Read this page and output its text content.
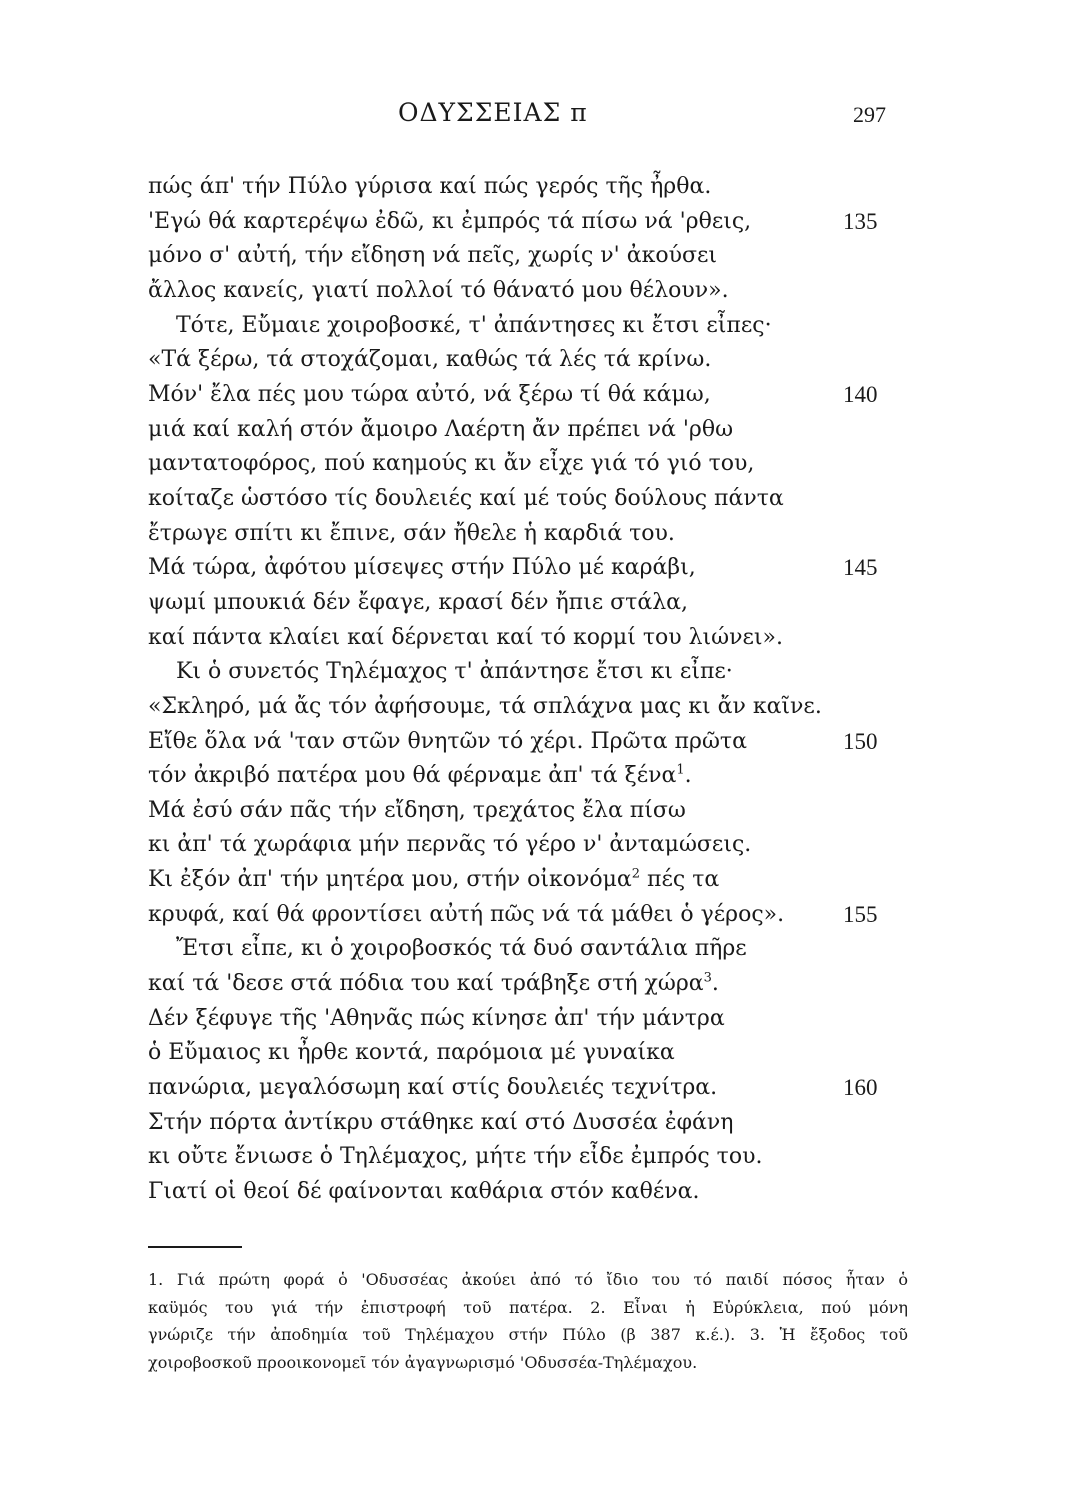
ΟΔΥΣΣΕΙΑΣ π	297
πώς άπ' τήν Πύλο γύρισα καί πώς γερός τῆς ἦρθα.
'Εγώ θά καρτερέψω ἐδῶ, κι ἐμπρός τά πίσω νά 'ρθεις,	135
μόνο σ' αὐτή, τήν εἴδηση νά πεῖς, χωρίς ν' ἀκούσει
ἄλλος κανείς, γιατί πολλοί τό θάνατό μου θέλουν».
Τότε, Εὔμαιε χοιροβοσκέ, τ' ἀπάντησες κι ἔτσι εἶπες·
«Τά ξέρω, τά στοχάζομαι, καθώς τά λές τά κρίνω.
Μόν' ἔλα πές μου τώρα αὐτό, νά ξέρω τί θά κάμω,	140
μιά καί καλή στόν ἄμοιρο Λαέρτη ἄν πρέπει νά 'ρθω
μαντατοφόρος, πού καημούς κι ἄν εἶχε γιά τό γιό του,
κοίταζε ὡστόσο τίς δουλειές καί μέ τούς δούλους πάντα
ἔτρωγε σπίτι κι ἔπινε, σάν ἤθελε ἡ καρδιά του.
Μά τώρα, ἀφότου μίσεψες στήν Πύλο μέ καράβι,	145
ψωμί μπουκιά δέν ἔφαγε, κρασί δέν ἤπιε στάλα,
καί πάντα κλαίει καί δέρνεται καί τό κορμί του λιώνει».
Κι ὁ συνετός Τηλέμαχος τ' ἀπάντησε ἔτσι κι εἶπε·
«Σκληρό, μά ἄς τόν ἀφήσουμε, τά σπλάχνα μας κι ἄν καῖνε.
Εἴθε ὅλα νά 'ταν στῶν θνητῶν τό χέρι. Πρῶτα πρῶτα	150
τόν ἀκριβό πατέρα μου θά φέρναμε ἀπ' τά ξένα$^1$.
Μά ἐσύ σάν πᾶς τήν εἴδηση, τρεχάτος ἔλα πίσω
κι ἀπ' τά χωράφια μήν περνᾶς τό γέρο ν' ἀνταμώσεις.
Κι ἐξόν ἀπ' τήν μητέρα μου, στήν οἰκονόμα$^2$ πές τα
κρυφά, καί θά φροντίσει αὐτή πῶς νά τά μάθει ὁ γέρος».	155
Ἔτσι εἶπε, κι ὁ χοιροβοσκός τά δυό σαντάλια πῆρε
καί τά 'δεσε στά πόδια του καί τράβηξε στή χώρα$^3$.
Δέν ξέφυγε τῆς 'Αθηνᾶς πώς κίνησε ἀπ' τήν μάντρα
ὁ Εὔμαιος κι ἦρθε κοντά, παρόμοια μέ γυναίκα
πανώρια, μεγαλόσωμη καί στίς δουλειές τεχνίτρα.	160
Στήν πόρτα ἀντίκρυ στάθηκε καί στό Δυσσέα ἐφάνη
κι οὔτε ἔνιωσε ὁ Τηλέμαχος, μήτε τήν εἶδε ἐμπρός του.
Γιατί οἱ θεοί δέ φαίνονται καθάρια στόν καθένα.
1. Γιά πρώτη φορά ὁ 'Οδυσσέας ἀκούει ἀπό τό ἴδιο του τό παιδί πόσος ἦταν ὁ
καϋμός του γιά τήν ἐπιστροφή τοῦ πατέρα. 2. Εἶναι ἡ Εὐρύκλεια, πού μόνη
γνώριζε τήν ἀποδημία τοῦ Τηλέμαχου στήν Πύλο (β 387 κ.έ.). 3. Ἡ ἔξοδος τοῦ
χοιροβοσκοῦ προοικονομεῖ τόν ἀγαγνωρισμό 'Οδυσσέα-Τηλέμαχου.
